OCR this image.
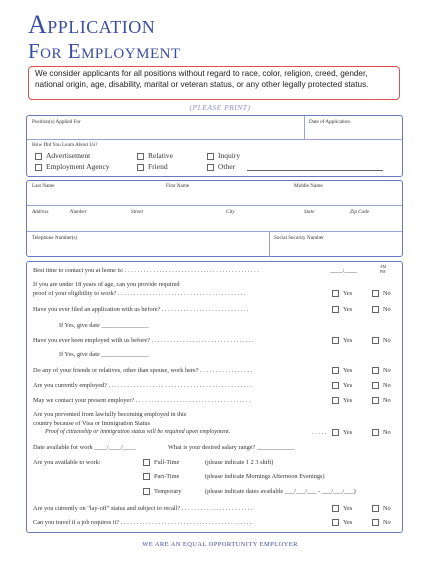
Application
For Employment
We consider applicants for all positions without regard to race, color, religion, creed, gender, national origin, age, disability, marital or veteran status, or any other legally protected status.
(PLEASE PRINT)
Position(s) Applied For	Date of Application
How Did You Learn About Us?
Advertisement	Relative	Inquiry
Employment Agency	Friend	Other
Last Name	First Name	Middle Name
Address	Number	Street	City	State	Zip Code
Telephone Number(s)	Social Security Number
Best time to contact you at home is: . . . . . . . . . . . . . . . . . . . . . . . . . . . . . . . . . . . . . . . . . . .	____:____	AM
PM
If you are under 18 years of age, can you provide required
proof of your eligibility to work? . . . . . . . . . . . . . . . . . . . . . . . . . . . . . . . . . . . . . . . . .	Yes	No
Have you ever filed an application with us before? . . . . . . . . . . . . . . . . . . . . . . . . . . . .	Yes	No
If Yes, give date _______________
Have you ever been employed with us before? . . . . . . . . . . . . . . . . . . . . . . . . . . . . . . . . .	Yes	No
If Yes, give date _______________
Do any of your friends or relatives, other than spouse, work here? . . . . . . . . . . . . . . . . .	Yes	No
Are you currently employed? . . . . . . . . . . . . . . . . . . . . . . . . . . . . . . . . . . . . . . . . . . . . . .	Yes	No
May we contact your present employer? . . . . . . . . . . . . . . . . . . . . . . . . . . . . . . . . . . . . .	Yes	No
Are you prevented from lawfully becoming employed in this
country because of Visa or Immigration Status
Proof of citizenship or immigration status will be required upon employment.	. . . . .	Yes	No
Date available for work ____/____/____	What is your desired salary range? ____________
Are you available to work:	Full-Time	(please indicate 1 2 3 shift)
Part-Time	(please indicate Mornings Afternoon Evenings)
Temporary	(please indicate dates available ___/___/___ - ___/___/___)
Are you currently on "lay-off" status and subject to recall? . . . . . . . . . . . . . . . . . . . . . . .	Yes	No
Can you travel if a job requires it? . . . . . . . . . . . . . . . . . . . . . . . . . . . . . . . . . . . . . . . . . .	Yes	No
WE ARE AN EQUAL OPPORTUNITY EMPLOYER
